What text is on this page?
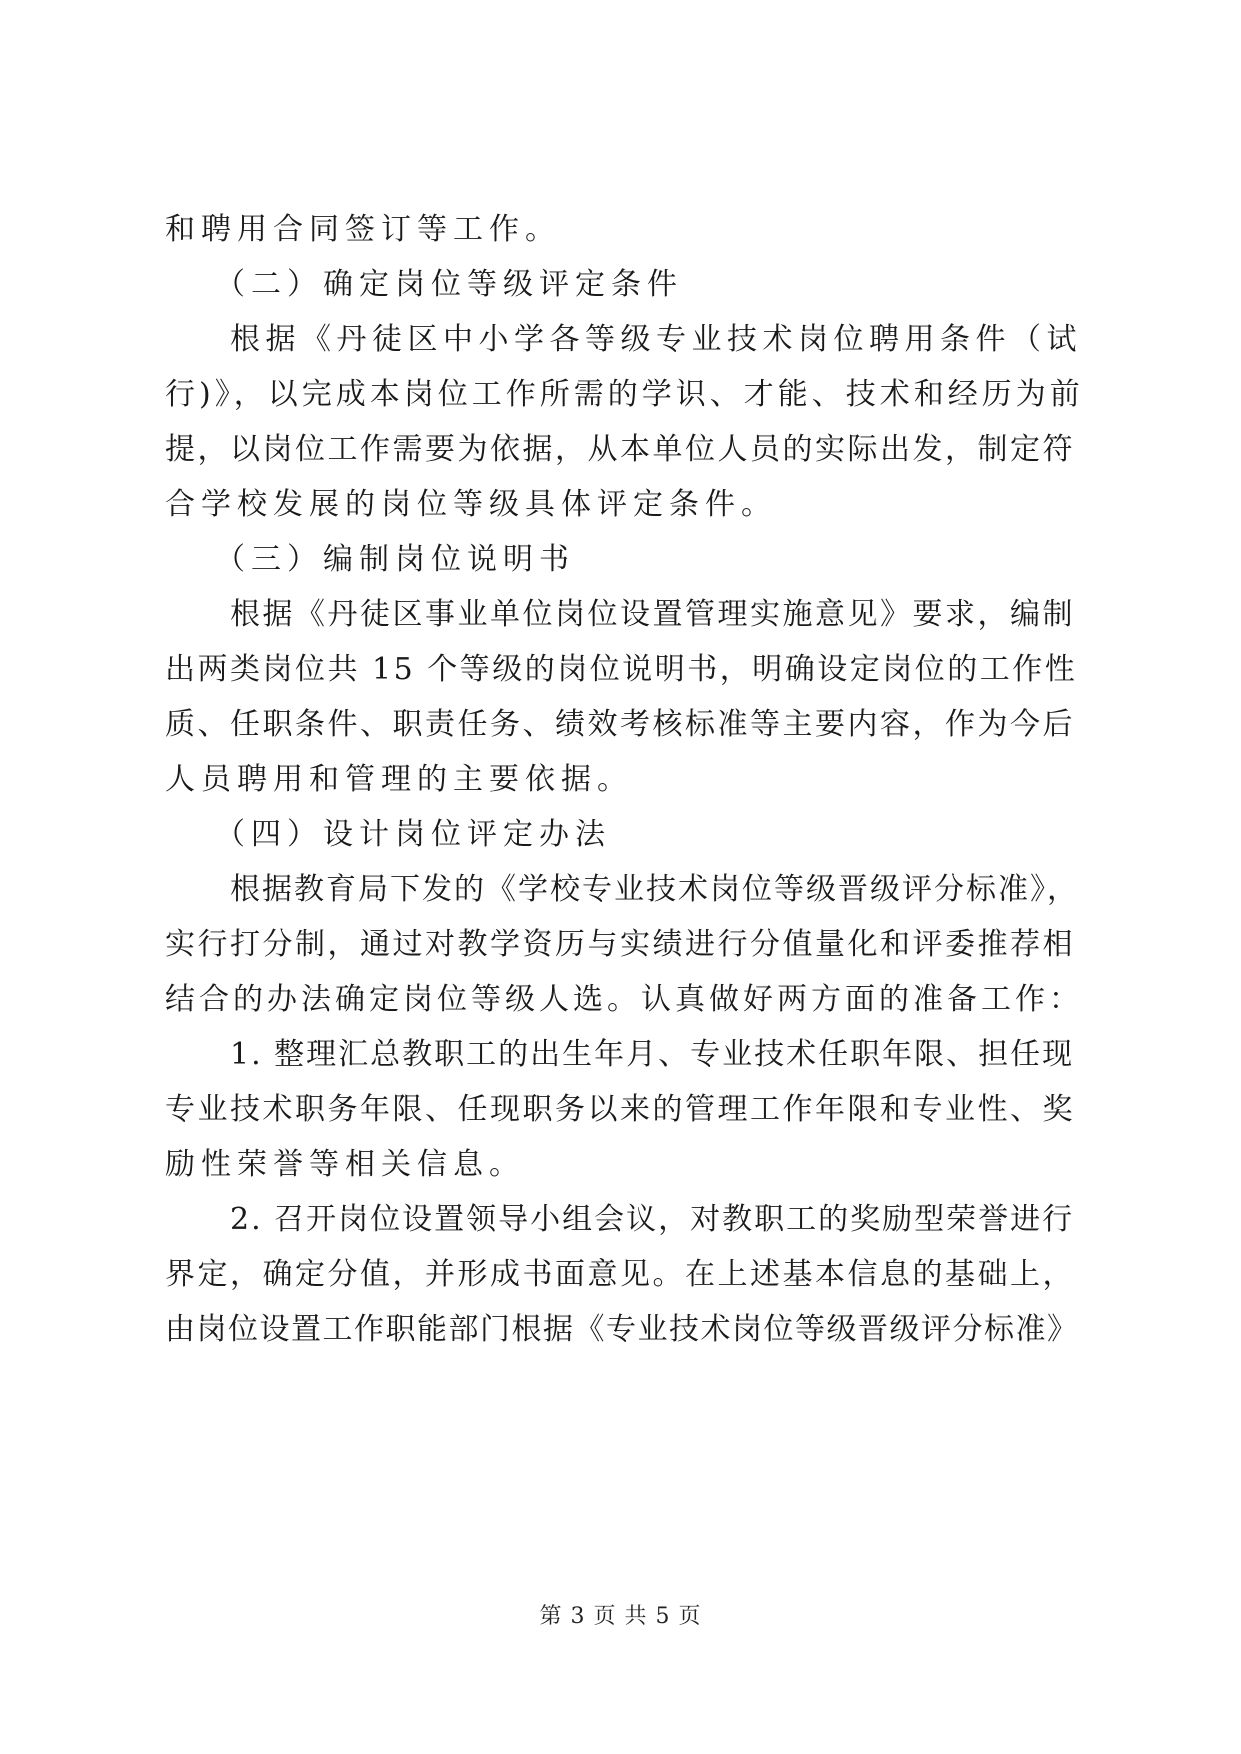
和聘用合同签订等工作。
（二）确定岗位等级评定条件
根据《丹徒区中小学各等级专业技术岗位聘用条件（试
行)》，以完成本岗位工作所需的学识、才能、技术和经历为前
提，以岗位工作需要为依据，从本单位人员的实际出发，制定符
合学校发展的岗位等级具体评定条件。
（三）编制岗位说明书
根据《丹徒区事业单位岗位设置管理实施意见》要求，编制
出两类岗位共 15 个等级的岗位说明书，明确设定岗位的工作性
质、任职条件、职责任务、绩效考核标准等主要内容，作为今后
人员聘用和管理的主要依据。
（四）设计岗位评定办法
根据教育局下发的《学校专业技术岗位等级晋级评分标准》，
实行打分制，通过对教学资历与实绩进行分值量化和评委推荐相
结合的办法确定岗位等级人选。认真做好两方面的准备工作：
1. 整理汇总教职工的出生年月、专业技术任职年限、担任现
专业技术职务年限、任现职务以来的管理工作年限和专业性、奖
励性荣誉等相关信息。
2. 召开岗位设置领导小组会议，对教职工的奖励型荣誉进行
界定，确定分值，并形成书面意见。在上述基本信息的基础上，
由岗位设置工作职能部门根据《专业技术岗位等级晋级评分标准》
第 3 页 共 5 页
